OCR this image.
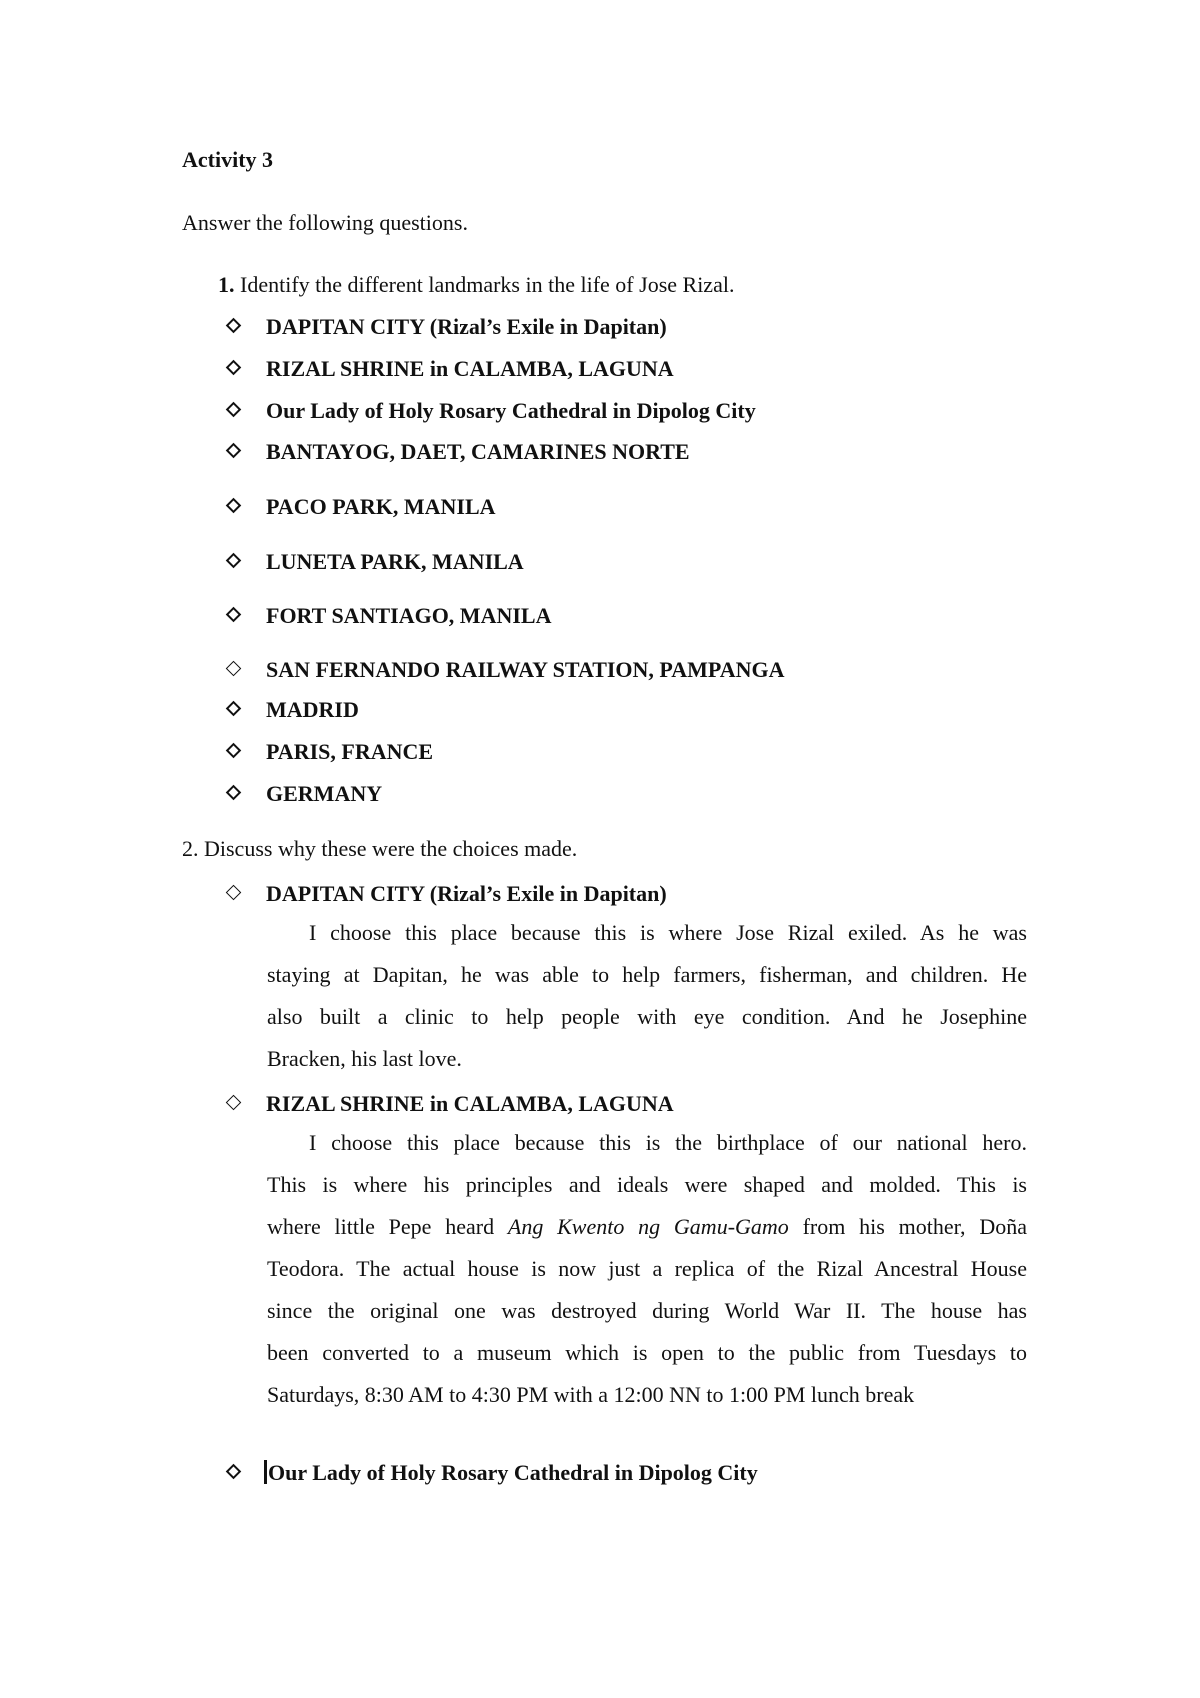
Activity 3
Answer the following questions.
1. Identify the different landmarks in the life of Jose Rizal.
DAPITAN CITY (Rizal’s Exile in Dapitan)
RIZAL SHRINE in CALAMBA, LAGUNA
Our Lady of Holy Rosary Cathedral in Dipolog City
BANTAYOG, DAET, CAMARINES NORTE
PACO PARK, MANILA
LUNETA PARK, MANILA
FORT SANTIAGO, MANILA
SAN FERNANDO RAILWAY STATION, PAMPANGA
MADRID
PARIS, FRANCE
GERMANY
2. Discuss why these were the choices made.
DAPITAN CITY (Rizal’s Exile in Dapitan)
I choose this place because this is where Jose Rizal exiled. As he was
staying at Dapitan, he was able to help farmers, fisherman, and children. He
also built a clinic to help people with eye condition. And he Josephine
Bracken, his last love.
RIZAL SHRINE in CALAMBA, LAGUNA
I choose this place because this is the birthplace of our national hero.
This is where his principles and ideals were shaped and molded. This is
where little Pepe heard Ang Kwento ng Gamu-Gamo from his mother, Doña
Teodora. The actual house is now just a replica of the Rizal Ancestral House
since the original one was destroyed during World War II. The house has
been converted to a museum which is open to the public from Tuesdays to
Saturdays, 8:30 AM to 4:30 PM with a 12:00 NN to 1:00 PM lunch break
Our Lady of Holy Rosary Cathedral in Dipolog City
